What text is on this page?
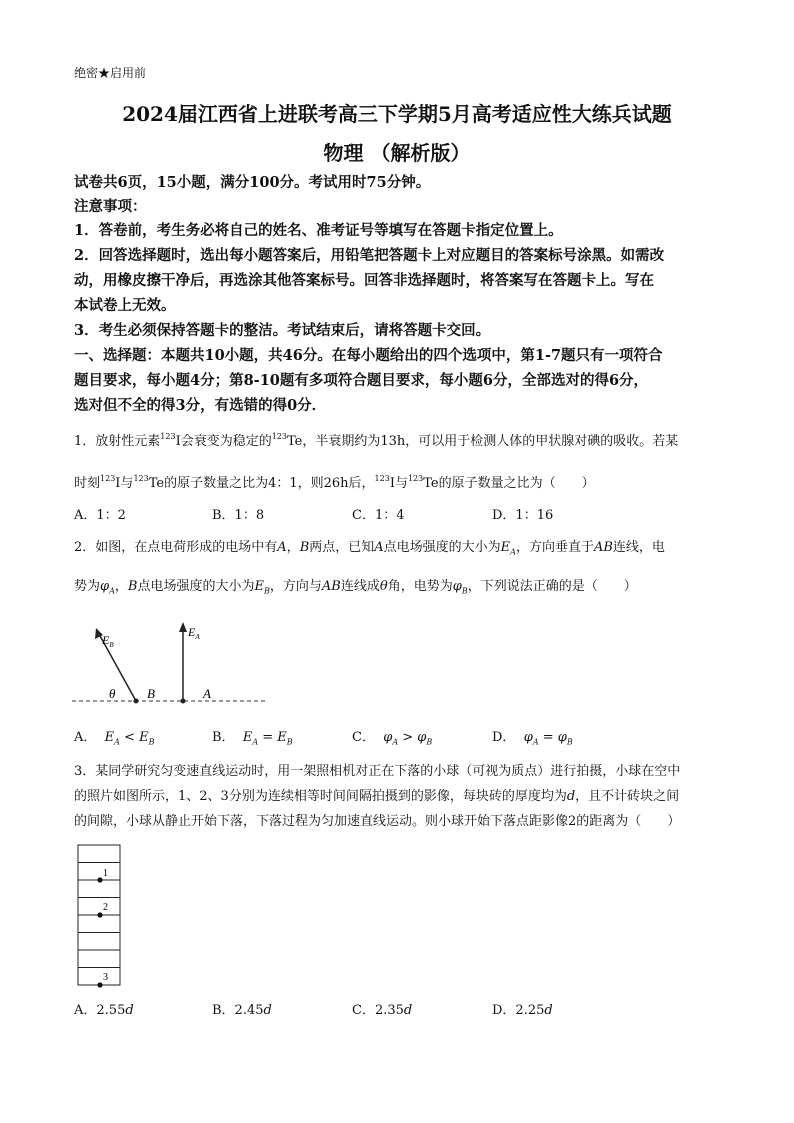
绝密★启用前
2024届江西省上进联考高三下学期5月高考适应性大练兵试题
物理 （解析版）
试卷共6页，15小题，满分100分。考试用时75分钟。
注意事项：
1．答卷前，考生务必将自己的姓名、准考证号等填写在答题卡指定位置上。
2．回答选择题时，选出每小题答案后，用铅笔把答题卡上对应题目的答案标号涂黑。如需改
动，用橡皮擦干净后，再选涂其他答案标号。回答非选择题时，将答案写在答题卡上。写在
本试卷上无效。
3．考生必须保持答题卡的整洁。考试结束后，请将答题卡交回。
一、选择题：本题共10小题，共46分。在每小题给出的四个选项中，第1-7题只有一项符合
题目要求，每小题4分；第8-10题有多项符合题目要求，每小题6分，全部选对的得6分，
选对但不全的得3分，有选错的得0分．
1．放射性元素$^{123}$I会衰变为稳定的$^{123}$Te，半衰期约为13h，可以用于检测人体的甲状腺对碘的吸收。若某
时刻$^{123}$I与$^{123}$Te的原子数量之比为4：1，则26h后，$^{123}$I与$^{123}$Te的原子数量之比为（　　）
A．1：2	B．1：8	C．1：4	D．1：16
2．如图，在点电荷形成的电场中有A，B两点，已知A点电场强度的大小为$E_A$，方向垂直于AB连线，电
势为$\varphi_A$，B点电场强度的大小为$E_B$，方向与AB连线成θ角，电势为$\varphi_B$，下列说法正确的是（　　）
$E_B$
$E_A$
θ B	A
A． $E_A < E_B$	B． $E_A = E_B$	C． $\varphi_A > \varphi_B$	D． $\varphi_A = \varphi_B$
3．某同学研究匀变速直线运动时，用一架照相机对正在下落的小球（可视为质点）进行拍摄，小球在空中
的照片如图所示，1、2、3分别为连续相等时间间隔拍摄到的影像，每块砖的厚度均为d，且不计砖块之间
的间隙，小球从静止开始下落，下落过程为匀加速直线运动。则小球开始下落点距影像2的距离为（　　）
1
2
3
A．2.55d	B．2.45d	C．2.35d	D．2.25d
